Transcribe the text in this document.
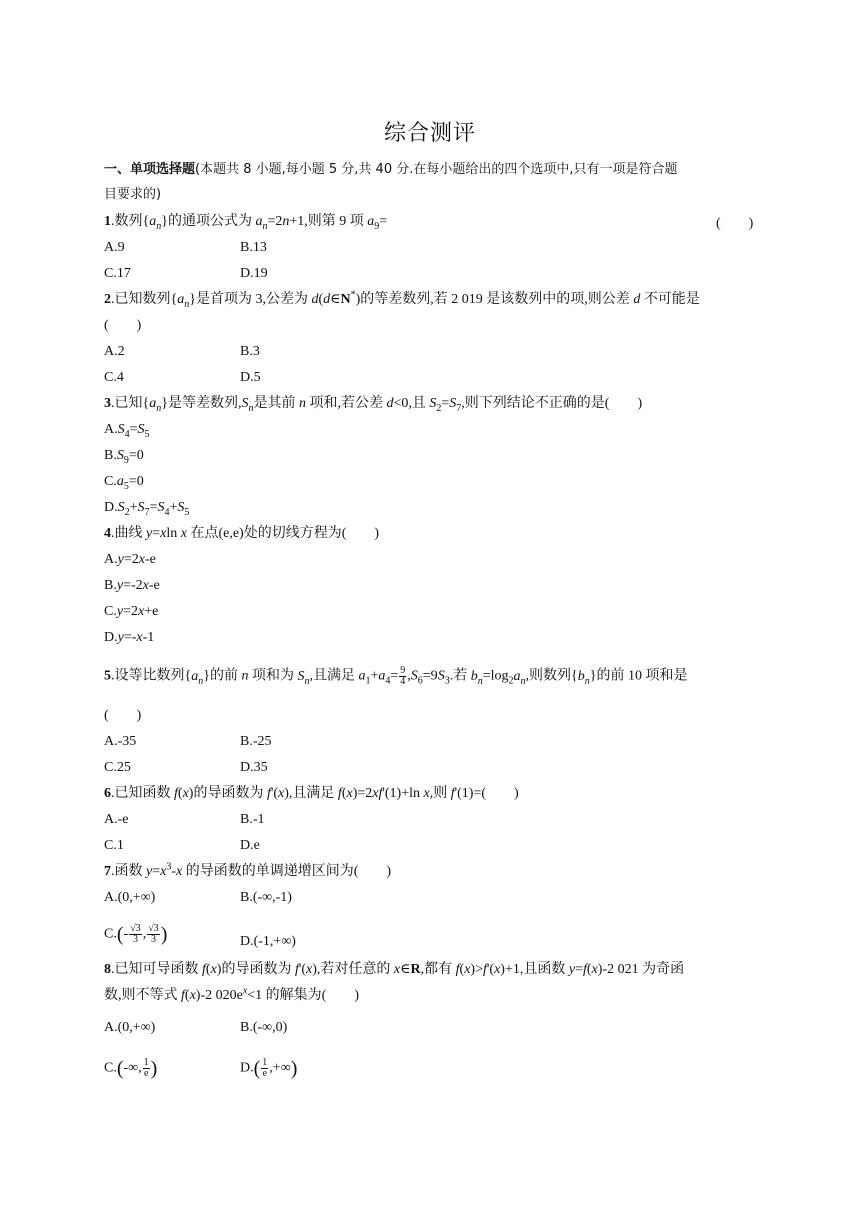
综合测评
一、单项选择题(本题共 8 小题,每小题 5 分,共 40 分.在每小题给出的四个选项中,只有一项是符合题
目要求的)
1.数列$\{a_n\}$的通项公式为 $a_n=2n+1$,则第 9 项 $a_9=$	(　　)
A.9	B.13
C.17	D.19
2.已知数列$\{a_n\}$是首项为 3,公差为 d(d∈N*)的等差数列,若 2 019 是该数列中的项,则公差 d 不可能是
(　　)
A.2	B.3
C.4	D.5
3.已知$\{a_n\}$是等差数列$,S_n$是其前 n 项和,若公差 d<0,且 $S_2=S_7$,则下列结论不正确的是(　　)
$A.S_4=S_5$
$B.S_9=0$
$C.a_5=0$
$D.S_2+S_7=S_4+S_5$
4.曲线 y=xln x 在点(e,e)处的切线方程为(　　)
A.y=2x-e
B.y=-2x-e
C.y=2x+e
D.y=-x-1
5.设等比数列$\{a_n\}$的前 n 项和为 $S_n$,且满足 $a_1+a_4= \frac{9}{4} ,S_6=9S_3$.若 $b_n=\log_2a_n$,则数列$\{b_n\}$的前 10 项和是
(　　)
A.-35	B.-25
C.25	D.35
6.已知函数 f(x)的导函数为 f'(x),且满足 f(x)=2xf'(1)+ln x,则 f'(1)=(　　)
A.-e	B.-1
C.1	D.e
7.函数 $y=x^3-x$ 的导函数的单调递增区间为(　　)
A.(0,+∞)	B.(-∞,-1)
$C.(- \frac{√3}{3}$ , $\frac{√3}{3}$ )	D.(-1,+∞)
8.已知可导函数 f(x)的导函数为 f'(x),若对任意的 x∈R,都有 f(x)>f'(x)+1,且函数 y=f(x)-2 021 为奇函
数,则不等式 f(x)-2 $020e^x<1$ 的解集为(　　)
A.(0,+∞)	B.(-∞,0)
C.(-∞, $\frac{1}{e}$ )	$D.( \frac{1}{e}$ ,+∞)
